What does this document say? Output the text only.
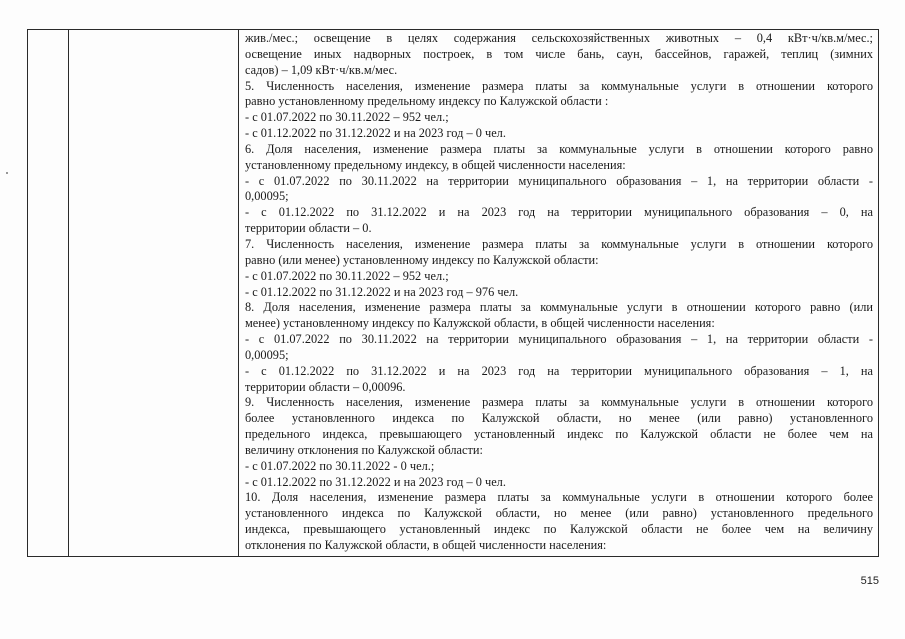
жив./мес.; освещение в целях содержания сельскохозяйственных животных – 0,4 кВт·ч/кв.м/мес.;
освещение иных надворных построек, в том числе бань, саун, бассейнов, гаражей, теплиц (зимних
садов) – 1,09 кВт·ч/кв.м/мес.
5. Численность населения, изменение размера платы за коммунальные услуги в отношении которого
равно установленному предельному индексу по Калужской области :
- с 01.07.2022 по 30.11.2022 – 952 чел.;
- с 01.12.2022 по 31.12.2022 и на 2023 год – 0 чел.
6. Доля населения, изменение размера платы за коммунальные услуги в отношении которого равно
установленному предельному индексу, в общей численности населения:
- с 01.07.2022 по 30.11.2022 на территории муниципального образования – 1, на территории области -
0,00095;
- с 01.12.2022 по 31.12.2022 и на 2023 год на территории муниципального образования – 0, на
территории области – 0.
7. Численность населения, изменение размера платы за коммунальные услуги в отношении которого
равно (или менее) установленному индексу по Калужской области:
- с 01.07.2022 по 30.11.2022 – 952 чел.;
- с 01.12.2022 по 31.12.2022 и на 2023 год – 976 чел.
8. Доля населения, изменение размера платы за коммунальные услуги в отношении которого равно (или
менее) установленному индексу по Калужской области, в общей численности населения:
- с 01.07.2022 по 30.11.2022 на территории муниципального образования – 1, на территории области -
0,00095;
- с 01.12.2022 по 31.12.2022 и на 2023 год на территории муниципального образования – 1, на
территории области – 0,00096.
9. Численность населения, изменение размера платы за коммунальные услуги в отношении которого
более установленного индекса по Калужской области, но менее (или равно) установленного
предельного индекса, превышающего установленный индекс по Калужской области не более чем на
величину отклонения по Калужской области:
- с 01.07.2022 по 30.11.2022 - 0 чел.;
- с 01.12.2022 по 31.12.2022 и на 2023 год – 0 чел.
10. Доля населения, изменение размера платы за коммунальные услуги в отношении которого более
установленного индекса по Калужской области, но менее (или равно) установленного предельного
индекса, превышающего установленный индекс по Калужской области не более чем на величину
отклонения по Калужской области, в общей численности населения:
515
